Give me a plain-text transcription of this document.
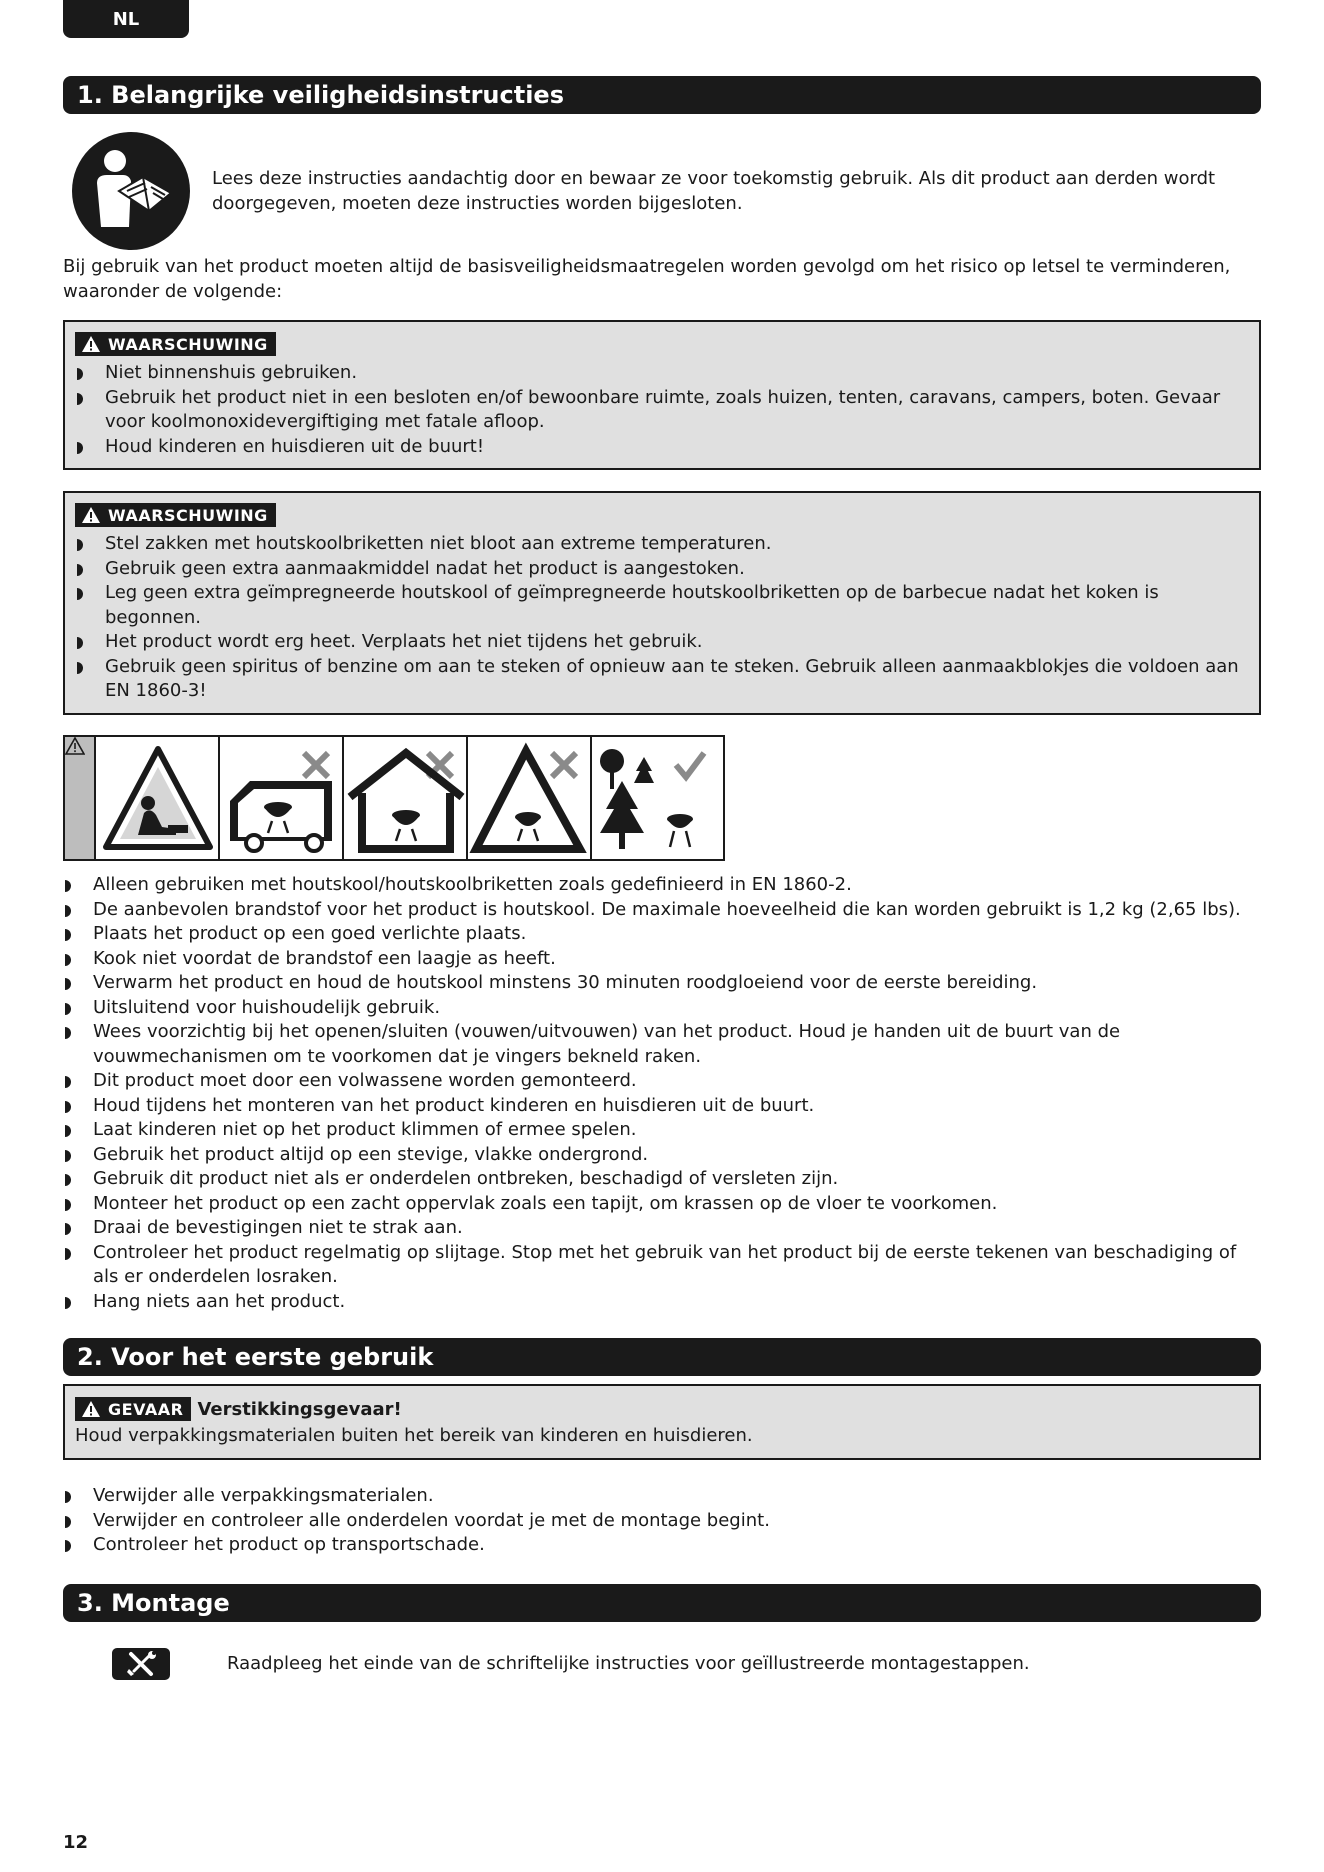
NL
1. Belangrijke veiligheidsinstructies
Lees deze instructies aandachtig door en bewaar ze voor toekomstig gebruik. Als dit product aan derden wordt doorgegeven, moeten deze instructies worden bijgesloten.
Bij gebruik van het product moeten altijd de basisveiligheidsmaatregelen worden gevolgd om het risico op letsel te verminderen, waaronder de volgende:
WAARSCHUWING
Niet binnenshuis gebruiken.
Gebruik het product niet in een besloten en/of bewoonbare ruimte, zoals huizen, tenten, caravans, campers, boten. Gevaar voor koolmonoxidevergiftiging met fatale afloop.
Houd kinderen en huisdieren uit de buurt!
WAARSCHUWING
Stel zakken met houtskoolbriketten niet bloot aan extreme temperaturen.
Gebruik geen extra aanmaakmiddel nadat het product is aangestoken.
Leg geen extra geïmpregneerde houtskool of geïmpregneerde houtskoolbriketten op de barbecue nadat het koken is begonnen.
Het product wordt erg heet. Verplaats het niet tijdens het gebruik.
Gebruik geen spiritus of benzine om aan te steken of opnieuw aan te steken. Gebruik alleen aanmaakblokjes die voldoen aan EN 1860-3!
Alleen gebruiken met houtskool/houtskoolbriketten zoals gedefinieerd in EN 1860-2.
De aanbevolen brandstof voor het product is houtskool. De maximale hoeveelheid die kan worden gebruikt is 1,2 kg (2,65 lbs).
Plaats het product op een goed verlichte plaats.
Kook niet voordat de brandstof een laagje as heeft.
Verwarm het product en houd de houtskool minstens 30 minuten roodgloeiend voor de eerste bereiding.
Uitsluitend voor huishoudelijk gebruik.
Wees voorzichtig bij het openen/sluiten (vouwen/uitvouwen) van het product. Houd je handen uit de buurt van de vouwmechanismen om te voorkomen dat je vingers bekneld raken.
Dit product moet door een volwassene worden gemonteerd.
Houd tijdens het monteren van het product kinderen en huisdieren uit de buurt.
Laat kinderen niet op het product klimmen of ermee spelen.
Gebruik het product altijd op een stevige, vlakke ondergrond.
Gebruik dit product niet als er onderdelen ontbreken, beschadigd of versleten zijn.
Monteer het product op een zacht oppervlak zoals een tapijt, om krassen op de vloer te voorkomen.
Draai de bevestigingen niet te strak aan.
Controleer het product regelmatig op slijtage. Stop met het gebruik van het product bij de eerste tekenen van beschadiging of als er onderdelen losraken.
Hang niets aan het product.
2. Voor het eerste gebruik
GEVAAR Verstikkingsgevaar!
Houd verpakkingsmaterialen buiten het bereik van kinderen en huisdieren.
Verwijder alle verpakkingsmaterialen.
Verwijder en controleer alle onderdelen voordat je met de montage begint.
Controleer het product op transportschade.
3. Montage
Raadpleeg het einde van de schriftelijke instructies voor geïllustreerde montagestappen.
12
